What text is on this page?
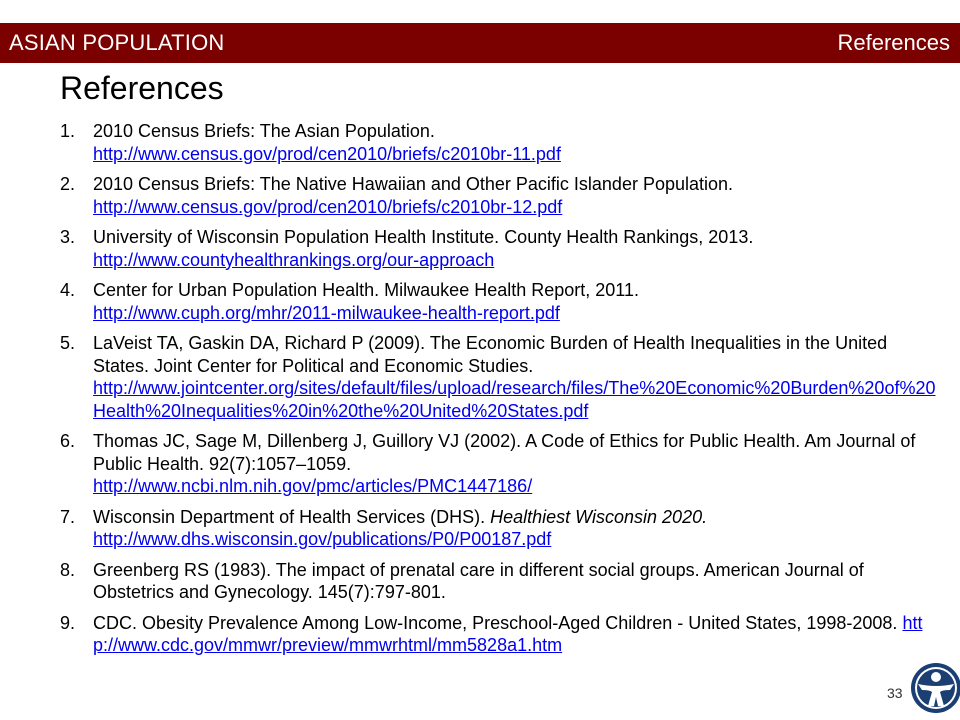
ASIAN POPULATION	References
References
1. 2010 Census Briefs: The Asian Population.
http://www.census.gov/prod/cen2010/briefs/c2010br-11.pdf
2. 2010 Census Briefs: The Native Hawaiian and Other Pacific Islander Population.
http://www.census.gov/prod/cen2010/briefs/c2010br-12.pdf
3. University of Wisconsin Population Health Institute. County Health Rankings, 2013.
http://www.countyhealthrankings.org/our-approach
4. Center for Urban Population Health. Milwaukee Health Report, 2011.
http://www.cuph.org/mhr/2011-milwaukee-health-report.pdf
5. LaVeist TA, Gaskin DA, Richard P (2009). The Economic Burden of Health Inequalities in the United States. Joint Center for Political and Economic Studies.
http://www.jointcenter.org/sites/default/files/upload/research/files/The%20Economic%20Burden%20of%20Health%20Inequalities%20in%20the%20United%20States.pdf
6. Thomas JC, Sage M, Dillenberg J, Guillory VJ (2002). A Code of Ethics for Public Health. Am Journal of Public Health. 92(7):1057–1059.
http://www.ncbi.nlm.nih.gov/pmc/articles/PMC1447186/
7. Wisconsin Department of Health Services (DHS). Healthiest Wisconsin 2020.
http://www.dhs.wisconsin.gov/publications/P0/P00187.pdf
8. Greenberg RS (1983). The impact of prenatal care in different social groups. American Journal of Obstetrics and Gynecology. 145(7):797-801.
9. CDC. Obesity Prevalence Among Low-Income, Preschool-Aged Children - United States, 1998-2008. http://www.cdc.gov/mmwr/preview/mmwrhtml/mm5828a1.htm
33
